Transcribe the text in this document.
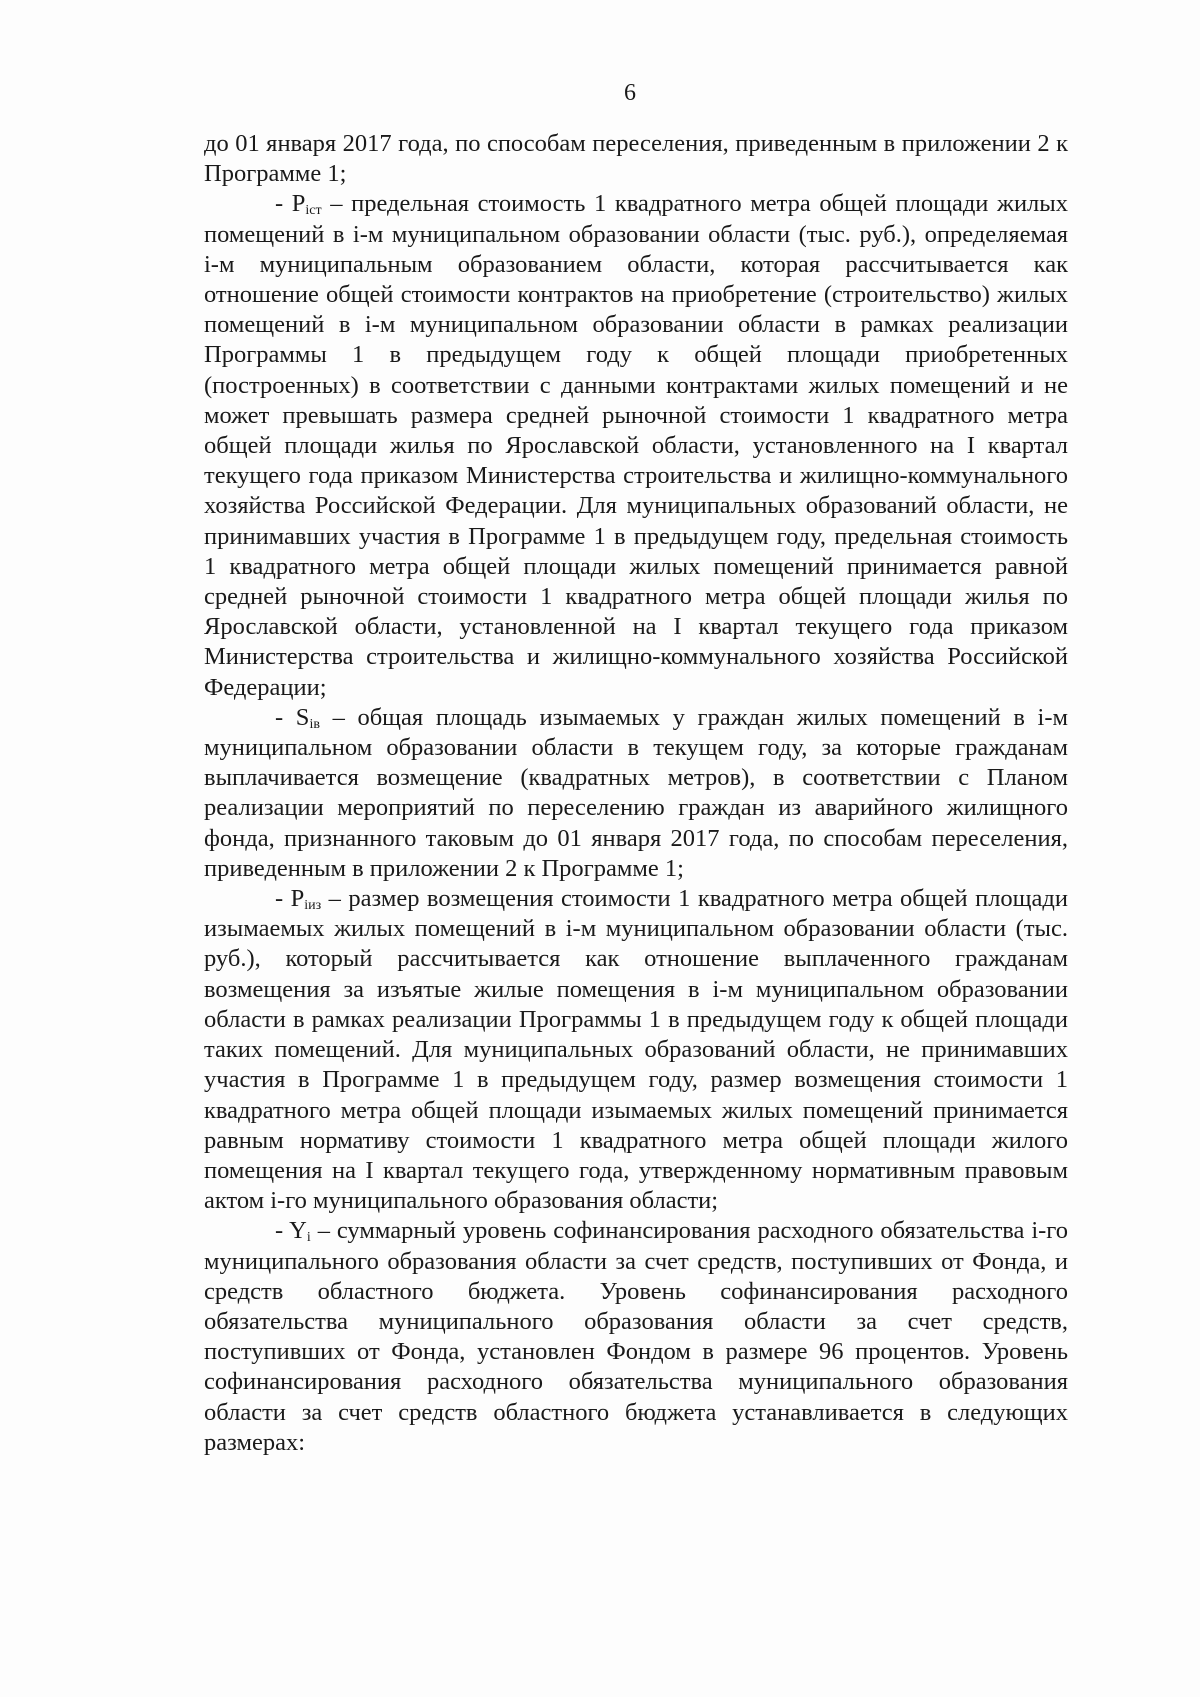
6

до 01 января 2017 года, по способам переселения, приведенным в приложении 2 к Программе 1;

- $P_{iст}$ – предельная стоимость 1 квадратного метра общей площади жилых помещений в i-м муниципальном образовании области (тыс. руб.), определяемая i-м муниципальным образованием области, которая рассчитывается как отношение общей стоимости контрактов на приобретение (строительство) жилых помещений в i-м муниципальном образовании области в рамках реализации Программы 1 в предыдущем году к общей площади приобретенных (построенных) в соответствии с данными контрактами жилых помещений и не может превышать размера средней рыночной стоимости 1 квадратного метра общей площади жилья по Ярославской области, установленного на I квартал текущего года приказом Министерства строительства и жилищно-коммунального хозяйства Российской Федерации. Для муниципальных образований области, не принимавших участия в Программе 1 в предыдущем году, предельная стоимость 1 квадратного метра общей площади жилых помещений принимается равной средней рыночной стоимости 1 квадратного метра общей площади жилья по Ярославской области, установленной на I квартал текущего года приказом Министерства строительства и жилищно-коммунального хозяйства Российской Федерации;

- $S_{iв}$ – общая площадь изымаемых у граждан жилых помещений в i-м муниципальном образовании области в текущем году, за которые гражданам выплачивается возмещение (квадратных метров), в соответствии с Планом реализации мероприятий по переселению граждан из аварийного жилищного фонда, признанного таковым до 01 января 2017 года, по способам переселения, приведенным в приложении 2 к Программе 1;

- $P_{iиз}$ – размер возмещения стоимости 1 квадратного метра общей площади изымаемых жилых помещений в i-м муниципальном образовании области (тыс. руб.), который рассчитывается как отношение выплаченного гражданам возмещения за изъятые жилые помещения в i-м муниципальном образовании области в рамках реализации Программы 1 в предыдущем году к общей площади таких помещений. Для муниципальных образований области, не принимавших участия в Программе 1 в предыдущем году, размер возмещения стоимости 1 квадратного метра общей площади изымаемых жилых помещений принимается равным нормативу стоимости 1 квадратного метра общей площади жилого помещения на I квартал текущего года, утвержденному нормативным правовым актом i-го муниципального образования области;

- $Y_i$ – суммарный уровень софинансирования расходного обязательства i-го муниципального образования области за счет средств, поступивших от Фонда, и средств областного бюджета. Уровень софинансирования расходного обязательства муниципального образования области за счет средств, поступивших от Фонда, установлен Фондом в размере 96 процентов. Уровень софинансирования расходного обязательства муниципального образования области за счет средств областного бюджета устанавливается в следующих размерах:
